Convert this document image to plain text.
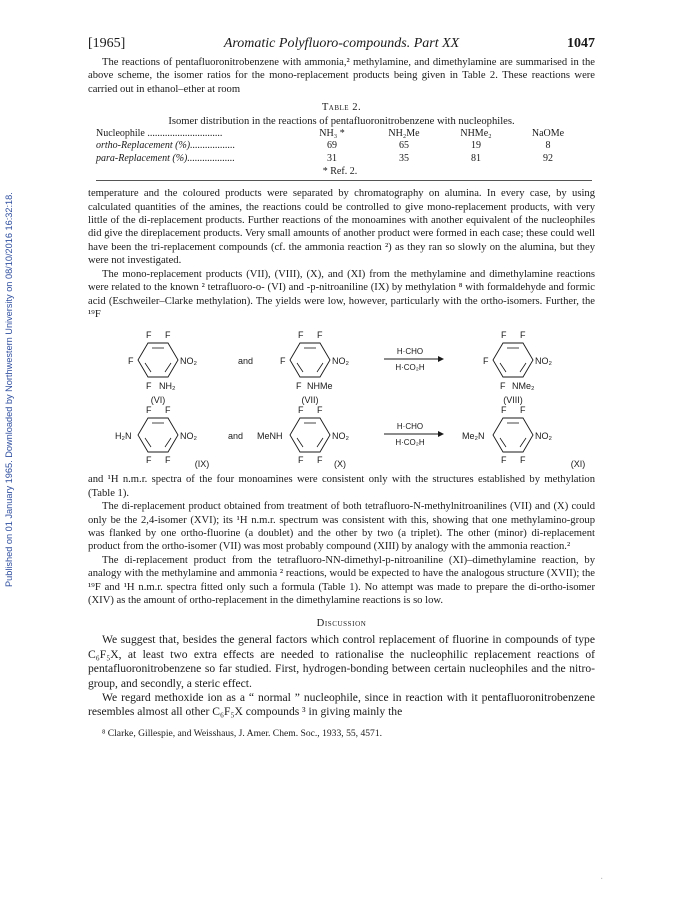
Published on 01 January 1965. Downloaded by Northwestern University on 08/10/2016 16:32:18.
[1965]	Aromatic Polyfluoro-compounds. Part XX	1047

The reactions of pentafluoronitrobenzene with ammonia,² methylamine, and dimethylamine are summarised in the above scheme, the isomer ratios for the mono-replacement products being given in Table 2. These reactions were carried out in ethanol–ether at room

Table 2.
Isomer distribution in the reactions of pentafluoronitrobenzene with nucleophiles.
Nucleophile ..............................	NH₃ *	NH₂Me	NHMe₂	NaOMe
ortho-Replacement (%)..................	69	65	19	8
para-Replacement (%)...................	31	35	81	92
* Ref. 2.

temperature and the coloured products were separated by chromatography on alumina. In every case, by using calculated quantities of the amines, the reactions could be controlled to give mono-replacement products, with very little of the di-replacement products. Further reactions of the monoamines with another equivalent of the nucleophiles did give the direplacement products. Very small amounts of another product were formed in each case; these could well have been the tri-replacement compounds (cf. the ammonia reaction ²) as they ran so slowly on the alumina, but they were not investigated.

The mono-replacement products (VII), (VIII), (X), and (XI) from the methylamine and dimethylamine reactions were related to the known ² tetrafluoro-o- (VI) and -p-nitroaniline (IX) by methylation ⁸ with formaldehyde and formic acid (Eschweiler–Clarke methylation). The yields were low, however, particularly with the ortho-isomers. Further, the ¹⁹F

F F
F	NO₂
F NH₂
(VI)
and
F F
F	NO₂
F NHMe
(VII)
H·CHO
H·CO₂H
F F
F	NO₂
F NMe₂
(VIII)
F F
H₂N	NO₂
F F	(IX)
and
F F
MeNH	NO₂
F F (X)
H·CHO
H·CO₂H
F F
Me₂N	NO₂
F F	(XI)

and ¹H n.m.r. spectra of the four monoamines were consistent only with the structures established by methylation (Table 1).

The di-replacement product obtained from treatment of both tetrafluoro-N-methylnitroanilines (VII) and (X) could only be the 2,4-isomer (XVI); its ¹H n.m.r. spectrum was consistent with this, showing that one methylamino-group was flanked by one ortho-fluorine (a doublet) and the other by two (a triplet). The other (minor) di-replacement product from the ortho-isomer (VII) was most probably compound (XIII) by analogy with the ammonia reaction.²

The di-replacement product from the tetrafluoro-NN-dimethyl-p-nitroaniline (XI)–dimethylamine reaction, by analogy with the methylamine and ammonia ² reactions, would be expected to have the analogous structure (XVII); the ¹⁹F and ¹H n.m.r. spectra fitted only such a formula (Table 1). No attempt was made to prepare the di-ortho-isomer (XIV) as the amount of ortho-replacement in the dimethylamine reactions is so low.

Discussion

We suggest that, besides the general factors which control replacement of fluorine in compounds of type C₆F₅X, at least two extra effects are needed to rationalise the nucleophilic replacement reactions of pentafluoronitrobenzene so far studied. First, hydrogen-bonding between certain nucleophiles and the nitro-group, and secondly, a steric effect.

We regard methoxide ion as a “ normal ” nucleophile, since in reaction with it pentafluoronitrobenzene resembles almost all other C₆F₅X compounds ³ in giving mainly the

⁸ Clarke, Gillespie, and Weisshaus, J. Amer. Chem. Soc., 1933, 55, 4571.

·
